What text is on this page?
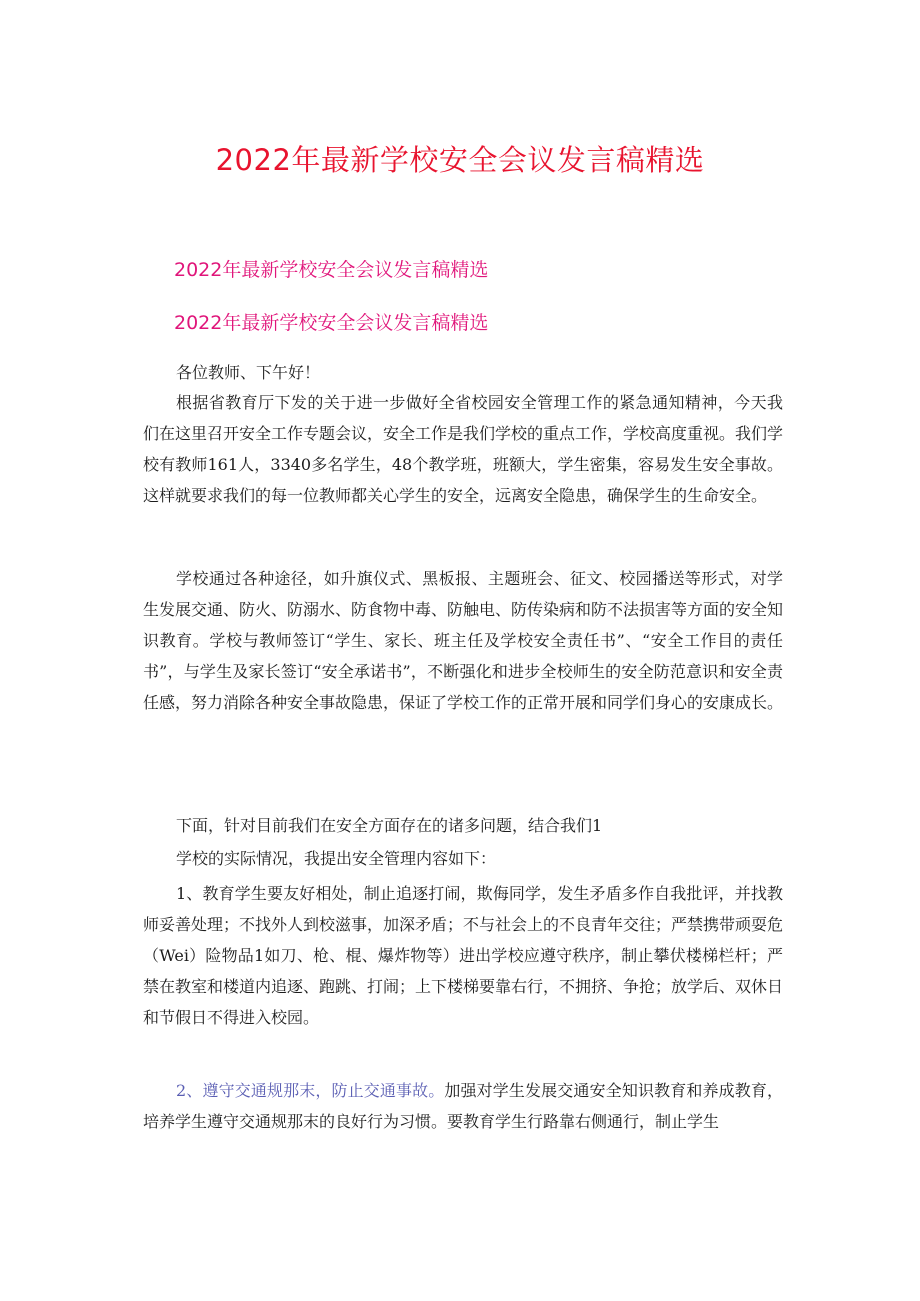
2022年最新学校安全会议发言稿精选
2022年最新学校安全会议发言稿精选
2022年最新学校安全会议发言稿精选

各位教师、下午好！

根据省教育厅下发的关于进一步做好全省校园安全管理工作的紧急通知精神，今天我们在这里召开安全工作专题会议，安全工作是我们学校的重点工作，学校高度重视。我们学校有教师161人，3340多名学生，48个教学班，班额大，学生密集，容易发生安全事故。这样就要求我们的每一位教师都关心学生的安全，远离安全隐患，确保学生的生命安全。

学校通过各种途径，如升旗仪式、黑板报、主题班会、征文、校园播送等形式，对学生发展交通、防火、防溺水、防食物中毒、防触电、防传染病和防不法损害等方面的安全知识教育。学校与教师签订“学生、家长、班主任及学校安全责任书”、“安全工作目的责任书”，与学生及家长签订“安全承诺书”，不断强化和进步全校师生的安全防范意识和安全责任感，努力消除各种安全事故隐患，保证了学校工作的正常开展和同学们身心的安康成长。

下面，针对目前我们在安全方面存在的诸多问题，结合我们1

学校的实际情况，我提出安全管理内容如下：

1、教育学生要友好相处，制止追逐打闹，欺侮同学，发生矛盾多作自我批评，并找教师妥善处理；不找外人到校滋事，加深矛盾；不与社会上的不良青年交往；严禁携带顽耍危（Wei）险物品1如刀、枪、棍、爆炸物等）进出学校应遵守秩序，制止攀伏楼梯栏杆；严禁在教室和楼道内追逐、跑跳、打闹；上下楼梯要靠右行，不拥挤、争抢；放学后、双休日和节假日不得进入校园。

2、遵守交通规那末，防止交通事故。加强对学生发展交通安全知识教育和养成教育，培养学生遵守交通规那末的良好行为习惯。要教育学生行路靠右侧通行，制止学生
